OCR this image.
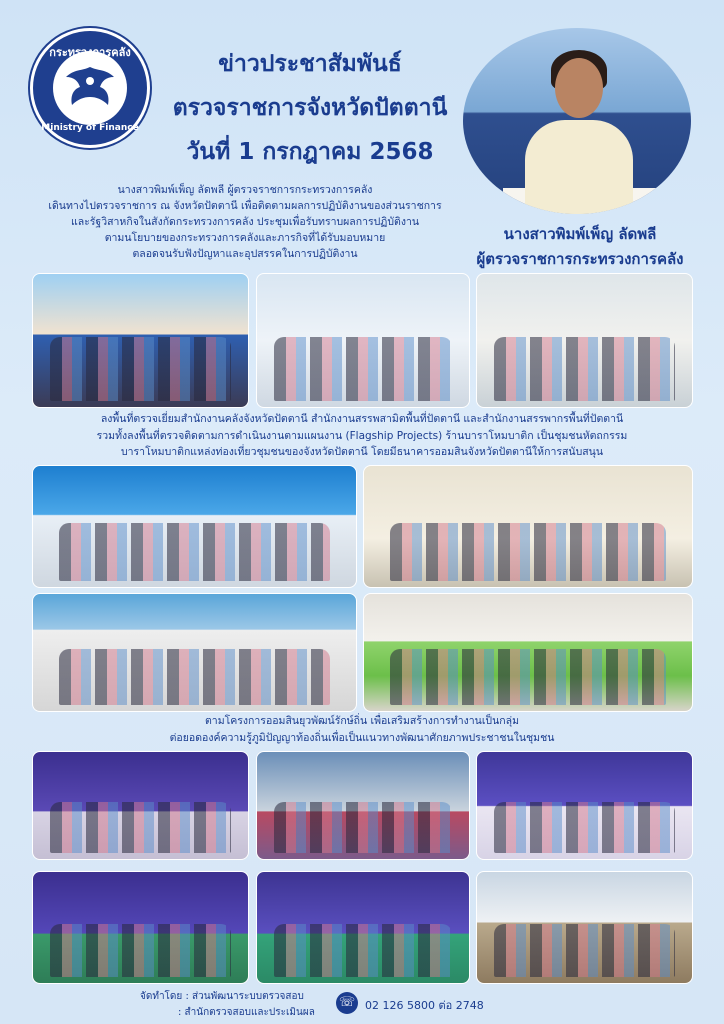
กระทรวงการคลัง
Ministry of Finance
ข่าวประชาสัมพันธ์
ตรวจราชการจังหวัดปัตตานี
วันที่ 1 กรกฎาคม 2568
นางสาวพิมพ์เพ็ญ ลัดพลี
ผู้ตรวจราชการกระทรวงการคลัง
นางสาวพิมพ์เพ็ญ ลัดพลี ผู้ตรวจราชการกระทรวงการคลัง
เดินทางไปตรวจราชการ ณ จังหวัดปัตตานี เพื่อติดตามผลการปฏิบัติงานของส่วนราชการ
และรัฐวิสาหกิจในสังกัดกระทรวงการคลัง ประชุมเพื่อรับทราบผลการปฏิบัติงาน
ตามนโยบายของกระทรวงการคลังและภารกิจที่ได้รับมอบหมาย
ตลอดจนรับฟังปัญหาและอุปสรรคในการปฏิบัติงาน
ลงพื้นที่ตรวจเยี่ยมสำนักงานคลังจังหวัดปัตตานี สำนักงานสรรพสามิตพื้นที่ปัตตานี และสำนักงานสรรพากรพื้นที่ปัตตานี
รวมทั้งลงพื้นที่ตรวจติดตามการดำเนินงานตามแผนงาน (Flagship Projects) ร้านบาราโหมบาติก เป็นชุมชนหัตถกรรม
บาราโหมบาติกแหล่งท่องเที่ยวชุมชนของจังหวัดปัตตานี โดยมีธนาคารออมสินจังหวัดปัตตานีให้การสนับสนุน
ตามโครงการออมสินยุวพัฒน์รักษ์ถิ่น เพื่อเสริมสร้างการทำงานเป็นกลุ่ม
ต่อยอดองค์ความรู้ภูมิปัญญาท้องถิ่นเพื่อเป็นแนวทางพัฒนาศักยภาพประชาชนในชุมชน
จัดทำโดย : ส่วนพัฒนาระบบตรวจสอบ
: สำนักตรวจสอบและประเมินผล
☏ 02 126 5800 ต่อ 2748
